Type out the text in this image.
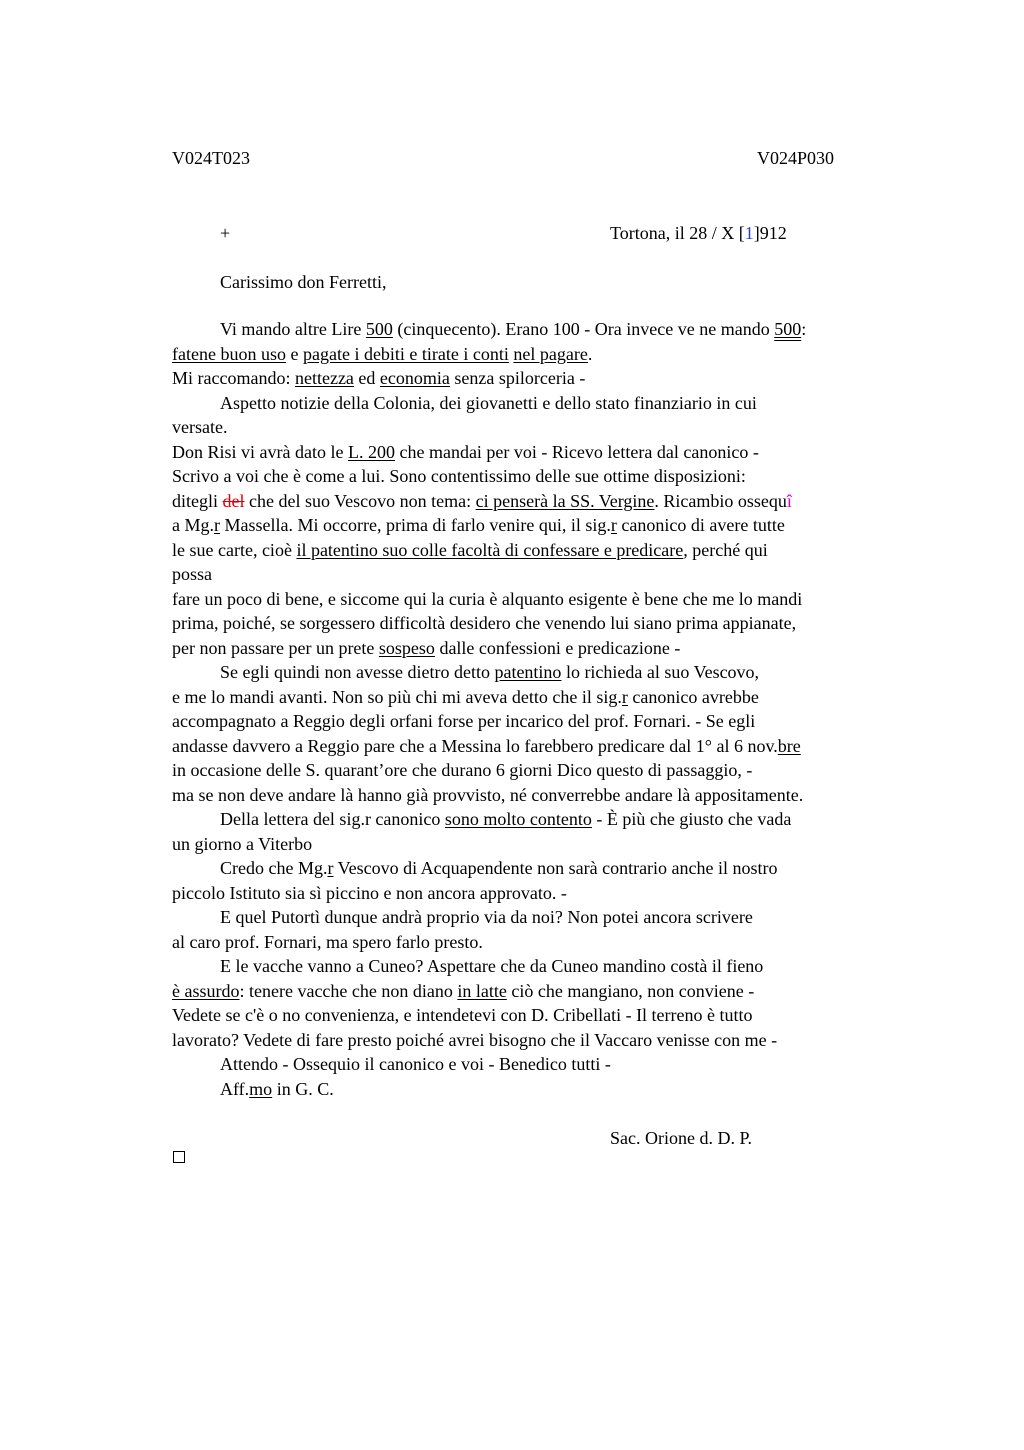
V024T023	V024P030
+	Tortona, il 28 / X [1]912
Carissimo don Ferretti,
Vi mando altre Lire 500 (cinquecento). Erano 100 - Ora invece ve ne mando 500:
fatene buon uso e pagate i debiti e tirate i conti nel pagare.
Mi raccomando: nettezza ed economia senza spilorceria -
Aspetto notizie della Colonia, dei giovanetti e dello stato finanziario in cui
versate.
Don Risi vi avrà dato le L. 200 che mandai per voi - Ricevo lettera dal canonico -
Scrivo a voi che è come a lui. Sono contentissimo delle sue ottime disposizioni:
ditegli del che del suo Vescovo non tema: ci penserà la SS. Vergine. Ricambio ossequî
a Mg.r Massella. Mi occorre, prima di farlo venire qui, il sig.r canonico di avere tutte
le sue carte, cioè il patentino suo colle facoltà di confessare e predicare, perché qui
possa
fare un poco di bene, e siccome qui la curia è alquanto esigente è bene che me lo mandi
prima, poiché, se sorgessero difficoltà desidero che venendo lui siano prima appianate,
per non passare per un prete sospeso dalle confessioni e predicazione -
Se egli quindi non avesse dietro detto patentino lo richieda al suo Vescovo,
e me lo mandi avanti. Non so più chi mi aveva detto che il sig.r canonico avrebbe
accompagnato a Reggio degli orfani forse per incarico del prof. Fornari. - Se egli
andasse davvero a Reggio pare che a Messina lo farebbero predicare dal 1° al 6 nov.bre
in occasione delle S. quarant’ore che durano 6 giorni Dico questo di passaggio, -
ma se non deve andare là hanno già provvisto, né converrebbe andare là appositamente.
Della lettera del sig.r canonico sono molto contento - È più che giusto che vada
un giorno a Viterbo
Credo che Mg.r Vescovo di Acquapendente non sarà contrario anche il nostro
piccolo Istituto sia sì piccino e non ancora approvato. -
E quel Putortì dunque andrà proprio via da noi? Non potei ancora scrivere
al caro prof. Fornari, ma spero farlo presto.
E le vacche vanno a Cuneo? Aspettare che da Cuneo mandino costà il fieno
è assurdo: tenere vacche che non diano in latte ciò che mangiano, non conviene -
Vedete se c'è o no convenienza, e intendetevi con D. Cribellati - Il terreno è tutto
lavorato? Vedete di fare presto poiché avrei bisogno che il Vaccaro venisse con me -
Attendo - Ossequio il canonico e voi - Benedico tutti -
Aff.mo in G. C.
Sac. Orione d. D. P.
